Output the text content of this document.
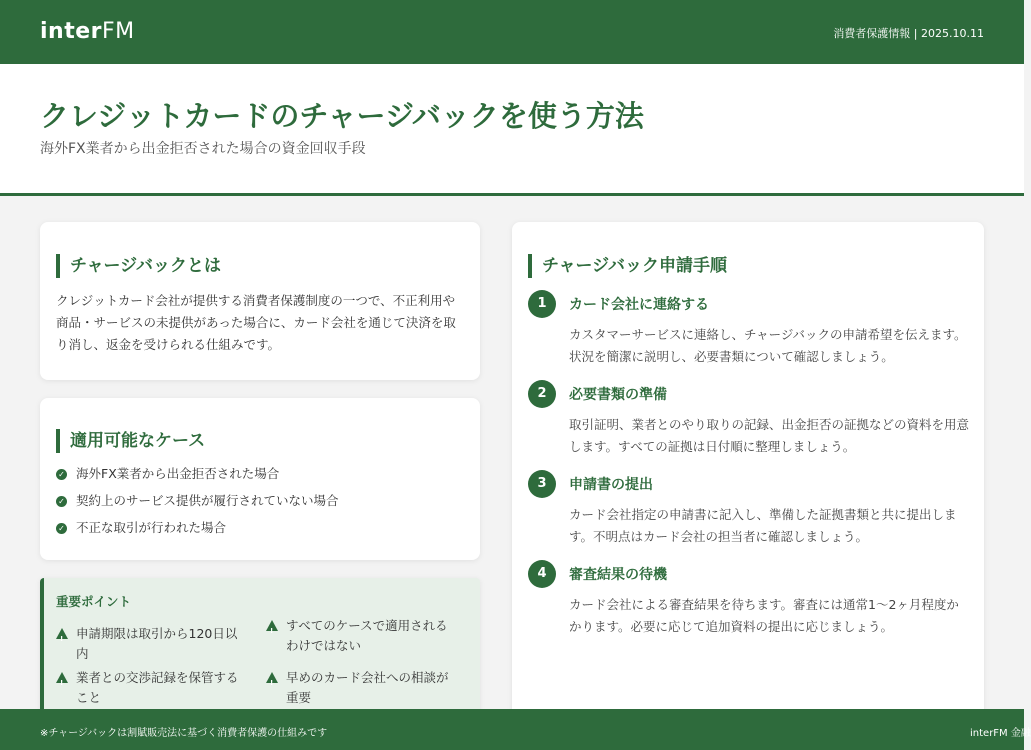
interFM	消費者保護情報 | 2025.10.11
クレジットカードのチャージバックを使う方法
海外FX業者から出金拒否された場合の資金回収手段
チャージバックとは
クレジットカード会社が提供する消費者保護制度の一つで、不正利用や商品・サービスの未提供があった場合に、カード会社を通じて決済を取り消し、返金を受けられる仕組みです。
適用可能なケース
✓ 海外FX業者から出金拒否された場合
✓ 契約上のサービス提供が履行されていない場合
✓ 不正な取引が行われた場合
重要ポイント
!
申請期限は取引から120日以内
!
すべてのケースで適用されるわけではない
!
業者との交渉記録を保管すること
!
早めのカード会社への相談が重要
チャージバック申請手順
1	カード会社に連絡する
カスタマーサービスに連絡し、チャージバックの申請希望を伝えます。状況を簡潔に説明し、必要書類について確認しましょう。
2	必要書類の準備
取引証明、業者とのやり取りの記録、出金拒否の証拠などの資料を用意します。すべての証拠は日付順に整理しましょう。
3	申請書の提出
カード会社指定の申請書に記入し、準備した証拠書類と共に提出します。不明点はカード会社の担当者に確認しましょう。
4	審査結果の待機
カード会社による審査結果を待ちます。審査には通常1〜2ヶ月程度かかります。必要に応じて追加資料の提出に応じましょう。
※チャージバックは割賦販売法に基づく消費者保護の仕組みです	interFM 金融
